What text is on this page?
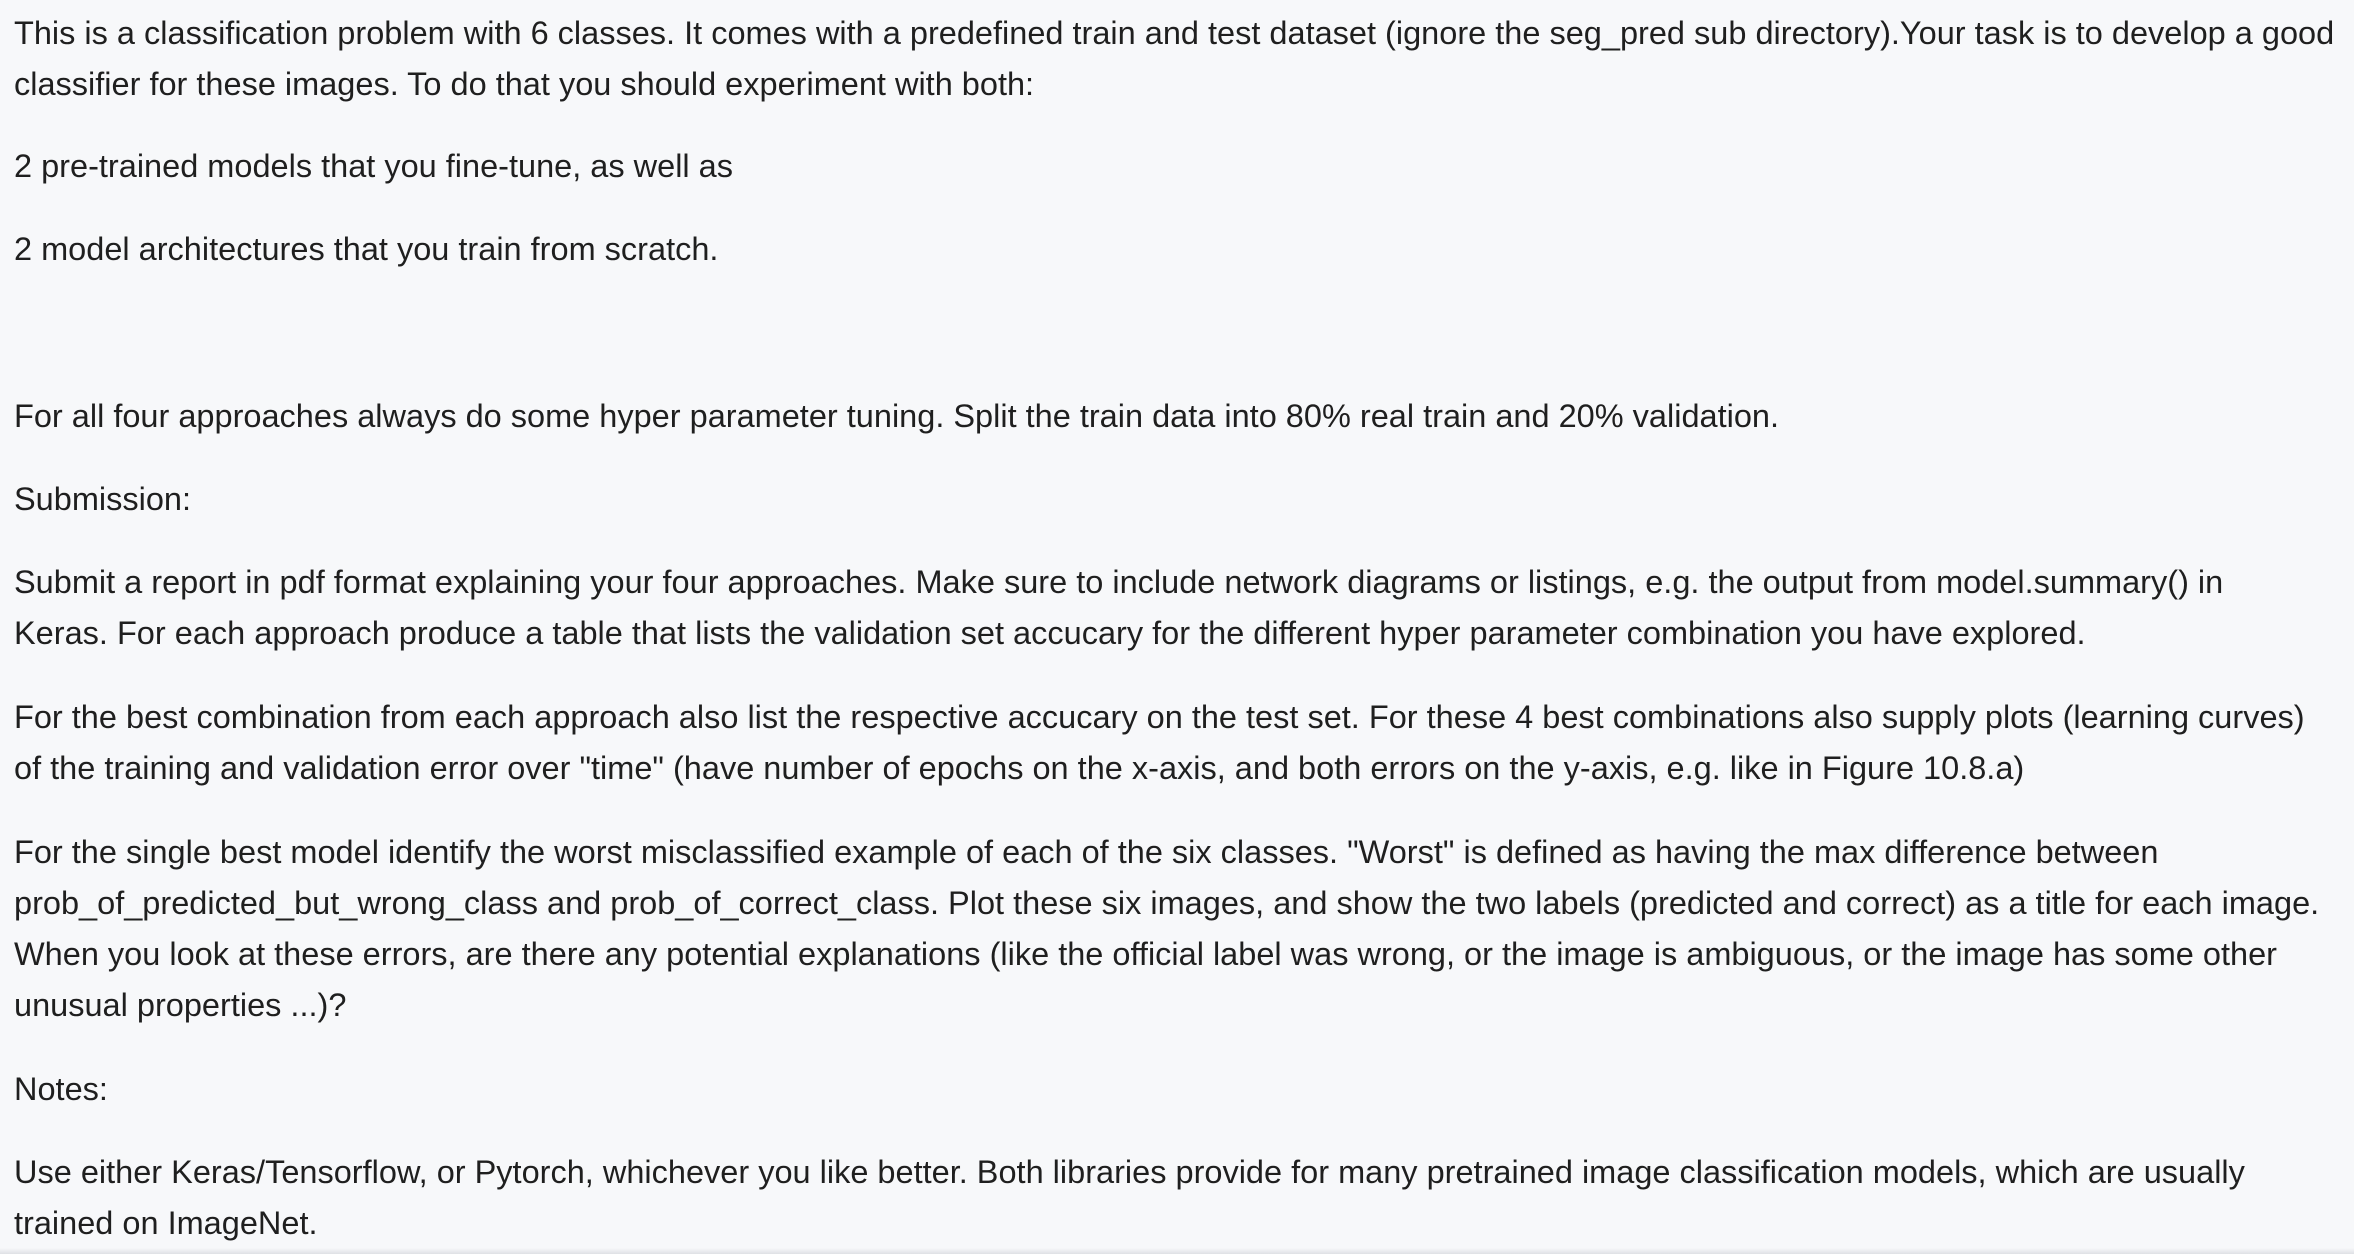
This is a classification problem with 6 classes. It comes with a predefined train and test dataset (ignore the seg_pred sub directory).Your task is to develop a good classifier for these images. To do that you should experiment with both:

2 pre-trained models that you fine-tune, as well as

2 model architectures that you train from scratch.

For all four approaches always do some hyper parameter tuning. Split the train data into 80% real train and 20% validation.

Submission:

Submit a report in pdf format explaining your four approaches. Make sure to include network diagrams or listings, e.g. the output from model.summary() in Keras. For each approach produce a table that lists the validation set accucary for the different hyper parameter combination you have explored.

For the best combination from each approach also list the respective accucary on the test set. For these 4 best combinations also supply plots (learning curves) of the training and validation error over "time" (have number of epochs on the x-axis, and both errors on the y-axis, e.g. like in Figure 10.8.a)

For the single best model identify the worst misclassified example of each of the six classes. "Worst" is defined as having the max difference between prob_of_predicted_but_wrong_class and prob_of_correct_class. Plot these six images, and show the two labels (predicted and correct) as a title for each image. When you look at these errors, are there any potential explanations (like the official label was wrong, or the image is ambiguous, or the image has some other unusual properties ...)?

Notes:

Use either Keras/Tensorflow, or Pytorch, whichever you like better. Both libraries provide for many pretrained image classification models, which are usually trained on ImageNet.
